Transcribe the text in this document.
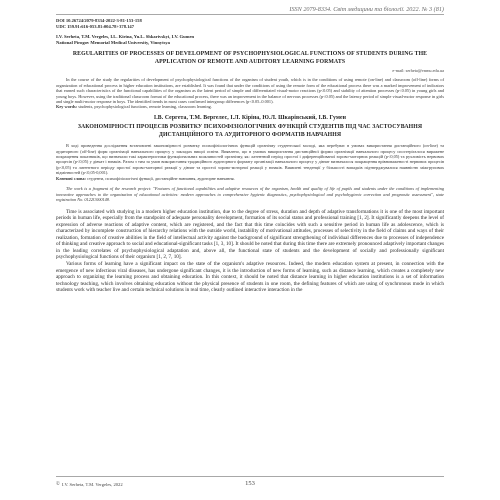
ISSN 2079-8334. Світ медицини та біології. 2022. № 3 (81)
DOI 10.26724/2079-8334-2022-3-81-153-158
UDC 159.91:616-053.81:004.78+378.147
I.V. Serheta, T.M. Vergeles, I.L. Kirina, Yu.L. Shkarivskyi, I.V. Gumen
National Pirogov Memorial Medical University, Vinnytsya
REGULARITIES OF PROCESSES OF DEVELOPMENT OF PSYCHOPHYSIOLOGICAL FUNCTIONS OF STUDENTS DURING THE APPLICATION OF REMOTE AND AUDITORY LEARNING FORMATS
e-mail: serheta@vnmu.edu.ua

In the course of the study the regularities of development of psychophysiological functions of the organism of student youth, which is in the conditions of using remote (on-line) and classroom (off-line) forms of organization of educational process in higher education institutions, are established. It was found that under the conditions of using the remote form of the educational process there was a marked improvement of indicators that earned such characteristics of the functional capabilities of the organism as the latent period of simple and differentiated visual-motor reactions (p<0.05) and stability of attention processes (p<0.05) in young girls and young boys. However, using the traditional classroom format of the educational process, there was an improvement in the balance of nervous processes (p<0.05) and the latency period of simple visual-motor response in girls and single multi-motor response in boys. The identified trends in most cases confirmed intergroup differences (p<0.05–0.001).

Key words: students, psychophysiological functions, remote learning, classroom learning.

І.В. Сергета, Т.М. Вергелес, І.Л. Кіріна, Ю.Л. Шкарівський, І.В. Гумен
ЗАКОНОМІРНОСТІ ПРОЦЕСІВ РОЗВИТКУ ПСИХОФІЗІОЛОГІЧНИХ ФУНКЦІЙ СТУДЕНТІВ ПІД ЧАС ЗАСТОСУВАННЯ ДИСТАНЦІЙНОГО ТА АУДИТОРНОГО ФОРМАТІВ НАВЧАННЯ

В ході проведення дослідження встановлені закономірності розвитку психофізіологічних функцій організму студентської молоді, яка перебуває в умовах використання дистанційного (on-line) та аудиторного (off-line) форм організації навчального процесу у закладах вищої освіти. Виявлено, що в умовах використання дистанційної форми організації навчального процесу спостерігалося виражене покращення показників, що визначали такі характеристики функціональних можливостей організму, як: латентний період простої і диференційованої зорово-моторних реакцій (р<0,05) та рухливість нервових процесів (р<0,05) у дівчат і юнаків. Разом з тим за умов використання традиційного аудиторного формату організації навчального процесу у дівчат визначалося покращення врівноваженості нервових процесів (р<0,05) та латентного періоду простої зорово-моторної реакції у дівчат та простої зорово-моторної реакції у юнаків. Виявлені тенденції у більшості випадків підтверджувалися наявністю міжгрупових відмінностей (р<0,05-0,001).

Ключові слова: студенти, психофізіологічні функції, дистанційне навчання, аудиторне навчання.

The work is a fragment of the research project: "Features of functional capabilities and adaptive resources of the organism, health and quality of life of pupils and students under the conditions of implementing innovative approaches to the organization of educational activities: modern approaches to comprehensive hygienic diagnostics, psychophysiological and psychohygienic correction and prognostic assessment", state registration No. 0122U000148.

Time is associated with studying in a modern higher education institution, due to the degree of stress, duration and depth of adaptive transformations it is one of the most important periods in human life, especially from the standpoint of adequate personality development, formation of its social status and professional training [1, 2]. It significantly deepens the level of expression of adverse reactions of adaptive content, which are registered, and the fact that this time coincides with such a sensitive period in human life as adolescence, which is characterized by incomplete construction of hierarchy relations with the outside world, instability of motivational attitudes, processes of selectivity in the field of claims and ways of their realization, formation of creative abilities in the field of intellectual activity against the background of significant strengthening of individual differences due to processes of independence of thinking and creative approach to social and educational-significant tasks [1, 3, 10]. It should be noted that during this time there are extremely pronounced adaptively important changes in the leading correlates of psychophysiological adaptation and, above all, the functional state of students and the development of socially and professionally significant psychophysiological functions of their organism [1, 2, 7, 10].

Various forms of learning have a significant impact on the state of the organism's adaptive resources. Indeed, the modern education system at present, in connection with the emergence of new infectious viral diseases, has undergone significant changes, it is the introduction of new forms of learning, such as distance learning, which creates a completely new approach to organizing the learning process and obtaining education. In this context, it should be noted that distance learning in higher education institutions is a set of information technology teaching, which involves obtaining education without the physical presence of students in one room, the defining features of which are using of synchronous mode in which students work with teacher live and certain technical solutions in real time, clearly outlined interactive interaction in the

© I.V. Serheta, T.M. Vergeles, 2022	153
